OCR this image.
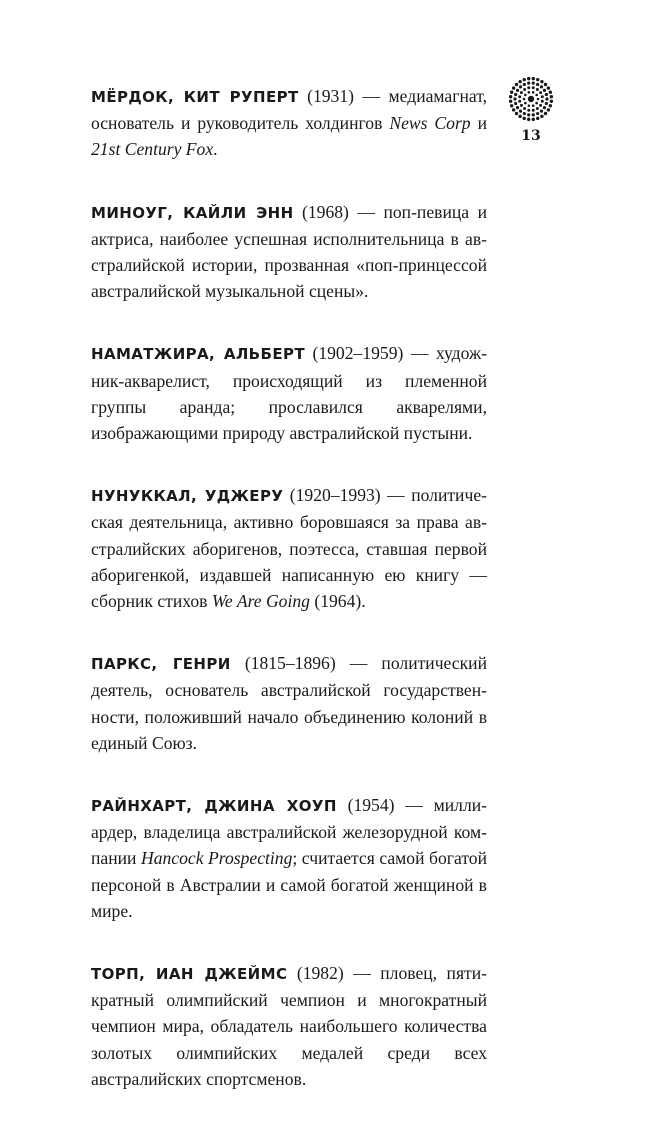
13

МЁРДОК, КИТ РУПЕРТ (1931) — медиамагнат, основатель и руководитель холдингов News Corp и 21st Century Fox.

МИНОУГ, КАЙЛИ ЭНН (1968) — поп-певица и актриса, наиболее успешная исполнительница в австралийской истории, прозванная «поп-принцессой австралийской музыкальной сцены».

НАМАТЖИРА, АЛЬБЕРТ (1902–1959) — художник-акварелист, происходящий из племенной группы аранда; прославился акварелями, изображающими природу австралийской пустыни.

НУНУККАЛ, УДЖЕРУ (1920–1993) — политическая деятельница, активно боровшаяся за права австралийских аборигенов, поэтесса, ставшая первой аборигенкой, издавшей написанную ею книгу — сборник стихов We Are Going (1964).

ПАРКС, ГЕНРИ (1815–1896) — политический деятель, основатель австралийской государственности, положивший начало объединению колоний в единый Союз.

РАЙНХАРТ, ДЖИНА ХОУП (1954) — миллиардер, владелица австралийской железорудной компании Hancock Prospecting; считается самой богатой персоной в Австралии и самой богатой женщиной в мире.

ТОРП, ИАН ДЖЕЙМС (1982) — пловец, пятикратный олимпийский чемпион и многократный чемпион мира, обладатель наибольшего количества золотых олимпийских медалей среди всех австралийских спортсменов.
